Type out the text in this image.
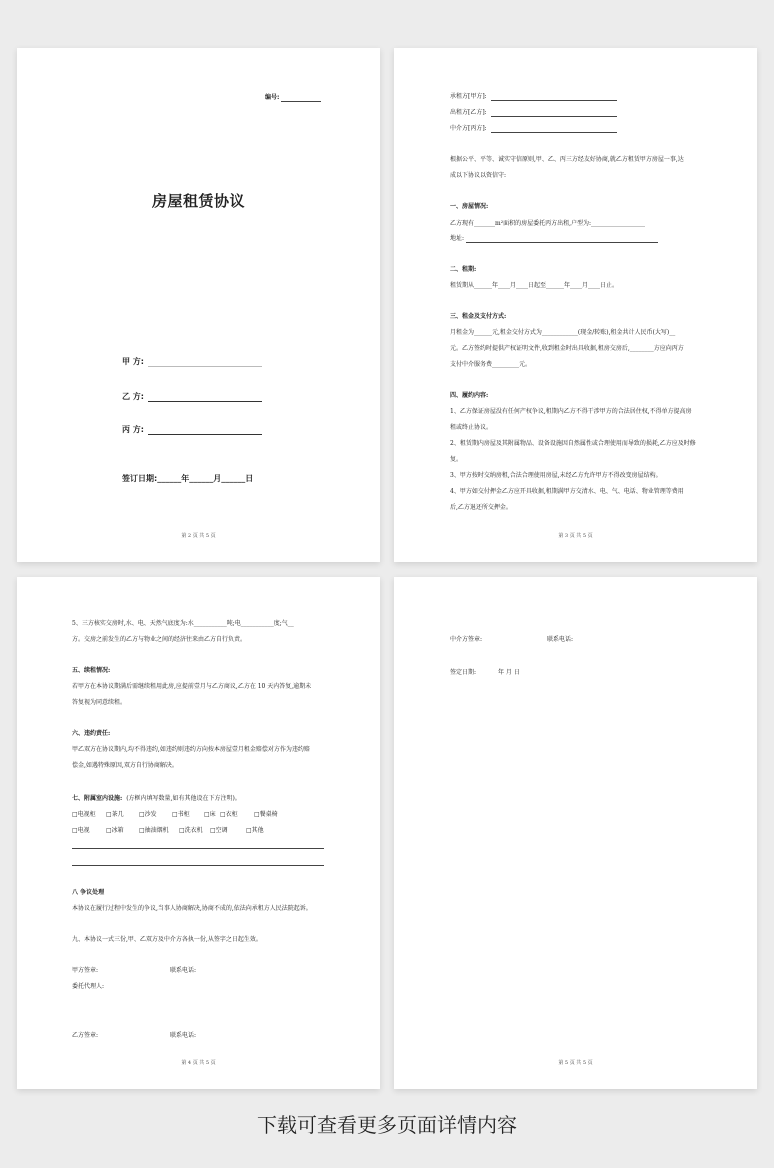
编号:
房屋租赁协议
甲 方:
乙 方:
丙 方:
签订日期:______年______月______日
第 2 页 共 5 页
承租方[甲方]:
出租方[乙方]:
中介方[丙方]:
根据公平、平等、诚实守信原则,甲、乙、丙三方经友好协商,就乙方租赁甲方房屋一事,达
成以下协议以资信守:
一、房屋情况:
乙方现有_______m²面积的房屋委托丙方出租,户型为:__________________
地址:
二、租期:
租赁期从______年____月____日起至______年____月____日止。
三、租金及支付方式:
月租金为______元,租金交付方式为____________(现金/转账),租金共计人民币(大写)__
元。乙方签约时提供产权证明文件,收到租金时出具收据,租房交房后,________方应向丙方
支付中介服务费_________元。
四、履约内容:
1、乙方保证房屋没有任何产权争议,租期内乙方不得干涉甲方的合法居住权,不得单方提高房
租或终止协议。
2、租赁期内房屋及其附属物品、设备设施因自然属性或合理使用而导致的损耗,乙方应及时修
复。
3、甲方按时交纳房租,合法合理使用房屋,未经乙方允许甲方不得改变房屋结构。
4、甲方如交付押金乙方应开具收据,租期满甲方交清水、电、气、电话、物业管理等费用
后,乙方退还所交押金。
第 3 页 共 5 页
5、三方核实交房时,水、电、天然气底度为:水___________吨;电___________度;气__
方。交房之前发生的乙方与物业之间的经济往来由乙方自行负责。
五、续租情况:
若甲方在本协议期满后需继续租用此房,应提前壹月与乙方商议,乙方在 10 天内答复,逾期未
答复视为同意续租。
六、违约责任:
甲乙双方在协议期内,均不得违约,如违约则违约方向按本房屋壹月租金赔偿对方作为违约赔
偿金,如遇特殊原因,双方自行协商解决。
七、附属室内设施: (方框内填写数量,如有其他设在下方注明)。
□电视柜 □茶几	□沙发	□书柜 □床 □衣柜	□餐桌椅
□电视	□冰箱	□抽油烟机 □洗衣机 □空调	□其他
八 争议处理
本协议在履行过程中发生的争议,当事人协商解决,协商不成的,依法向承租方人民法院起诉。
九、本协议一式三份,甲、乙双方及中介方各执一份,从签字之日起生效。
甲方签章:	联系电话:
委托代理人:
乙方签章:	联系电话:
第 4 页 共 5 页
中介方签章:	联系电话:
签定日期:	年 月 日
第 5 页 共 5 页
下载可查看更多页面详情内容
